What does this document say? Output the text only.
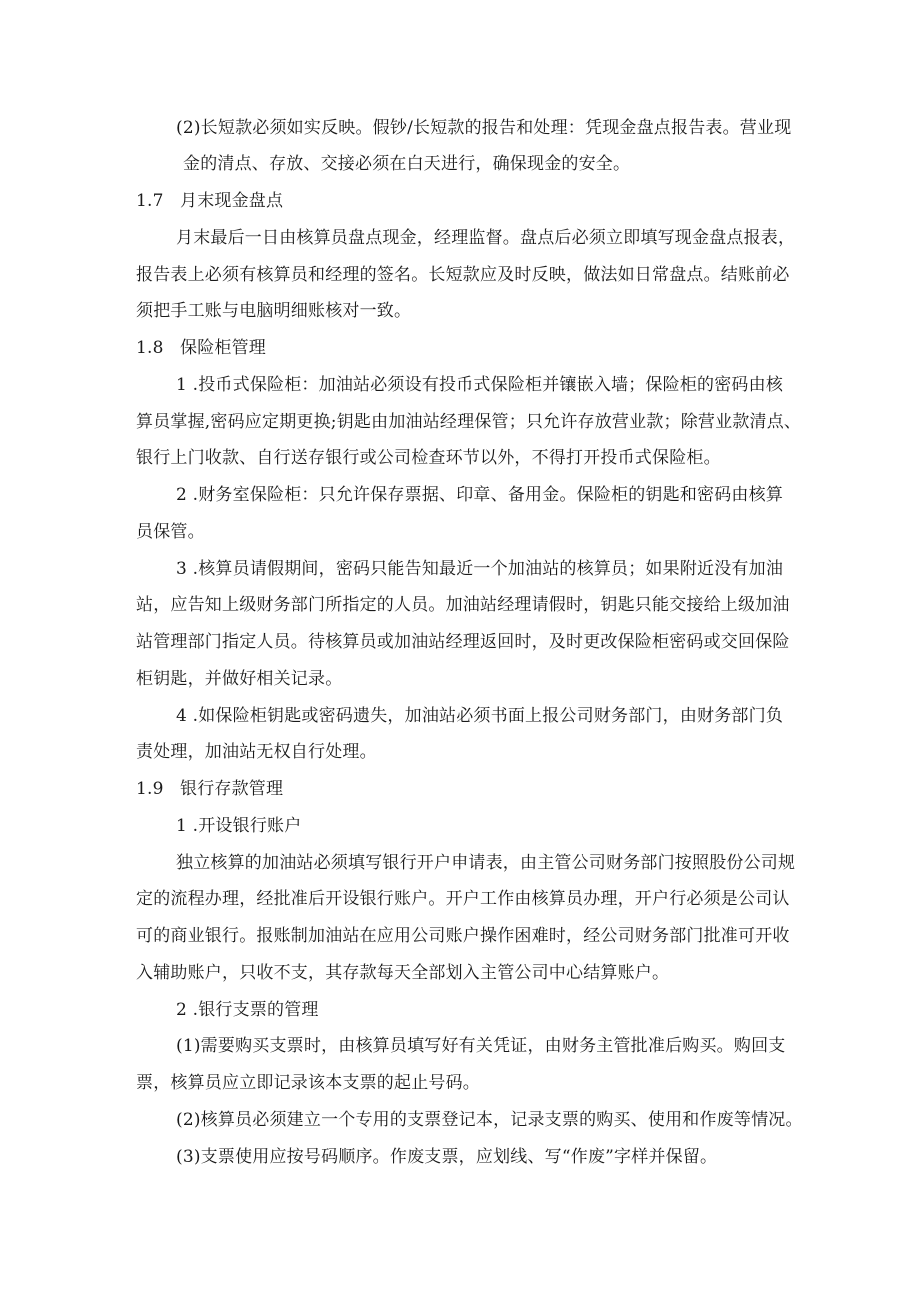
(2)长短款必须如实反映。假钞/长短款的报告和处理：凭现金盘点报告表。营业现
金的清点、存放、交接必须在白天进行，确保现金的安全。
1.7 月末现金盘点
月末最后一日由核算员盘点现金，经理监督。盘点后必须立即填写现金盘点报表，
报告表上必须有核算员和经理的签名。长短款应及时反映，做法如日常盘点。结账前必
须把手工账与电脑明细账核对一致。
1.8 保险柜管理
1 .投币式保险柜：加油站必须设有投币式保险柜并镶嵌入墙；保险柜的密码由核
算员掌握,密码应定期更换;钥匙由加油站经理保管；只允许存放营业款；除营业款清点、
银行上门收款、自行送存银行或公司检查环节以外，不得打开投币式保险柜。
2 .财务室保险柜：只允许保存票据、印章、备用金。保险柜的钥匙和密码由核算
员保管。
3 .核算员请假期间，密码只能告知最近一个加油站的核算员；如果附近没有加油
站，应告知上级财务部门所指定的人员。加油站经理请假时，钥匙只能交接给上级加油
站管理部门指定人员。待核算员或加油站经理返回时，及时更改保险柜密码或交回保险
柜钥匙，并做好相关记录。
4 .如保险柜钥匙或密码遗失，加油站必须书面上报公司财务部门，由财务部门负
责处理，加油站无权自行处理。
1.9 银行存款管理
1 .开设银行账户
独立核算的加油站必须填写银行开户申请表，由主管公司财务部门按照股份公司规
定的流程办理，经批准后开设银行账户。开户工作由核算员办理，开户行必须是公司认
可的商业银行。报账制加油站在应用公司账户操作困难时，经公司财务部门批准可开收
入辅助账户，只收不支，其存款每天全部划入主管公司中心结算账户。
2 .银行支票的管理
(1)需要购买支票时，由核算员填写好有关凭证，由财务主管批准后购买。购回支
票，核算员应立即记录该本支票的起止号码。
(2)核算员必须建立一个专用的支票登记本，记录支票的购买、使用和作废等情况。
(3)支票使用应按号码顺序。作废支票，应划线、写“作废”字样并保留。
